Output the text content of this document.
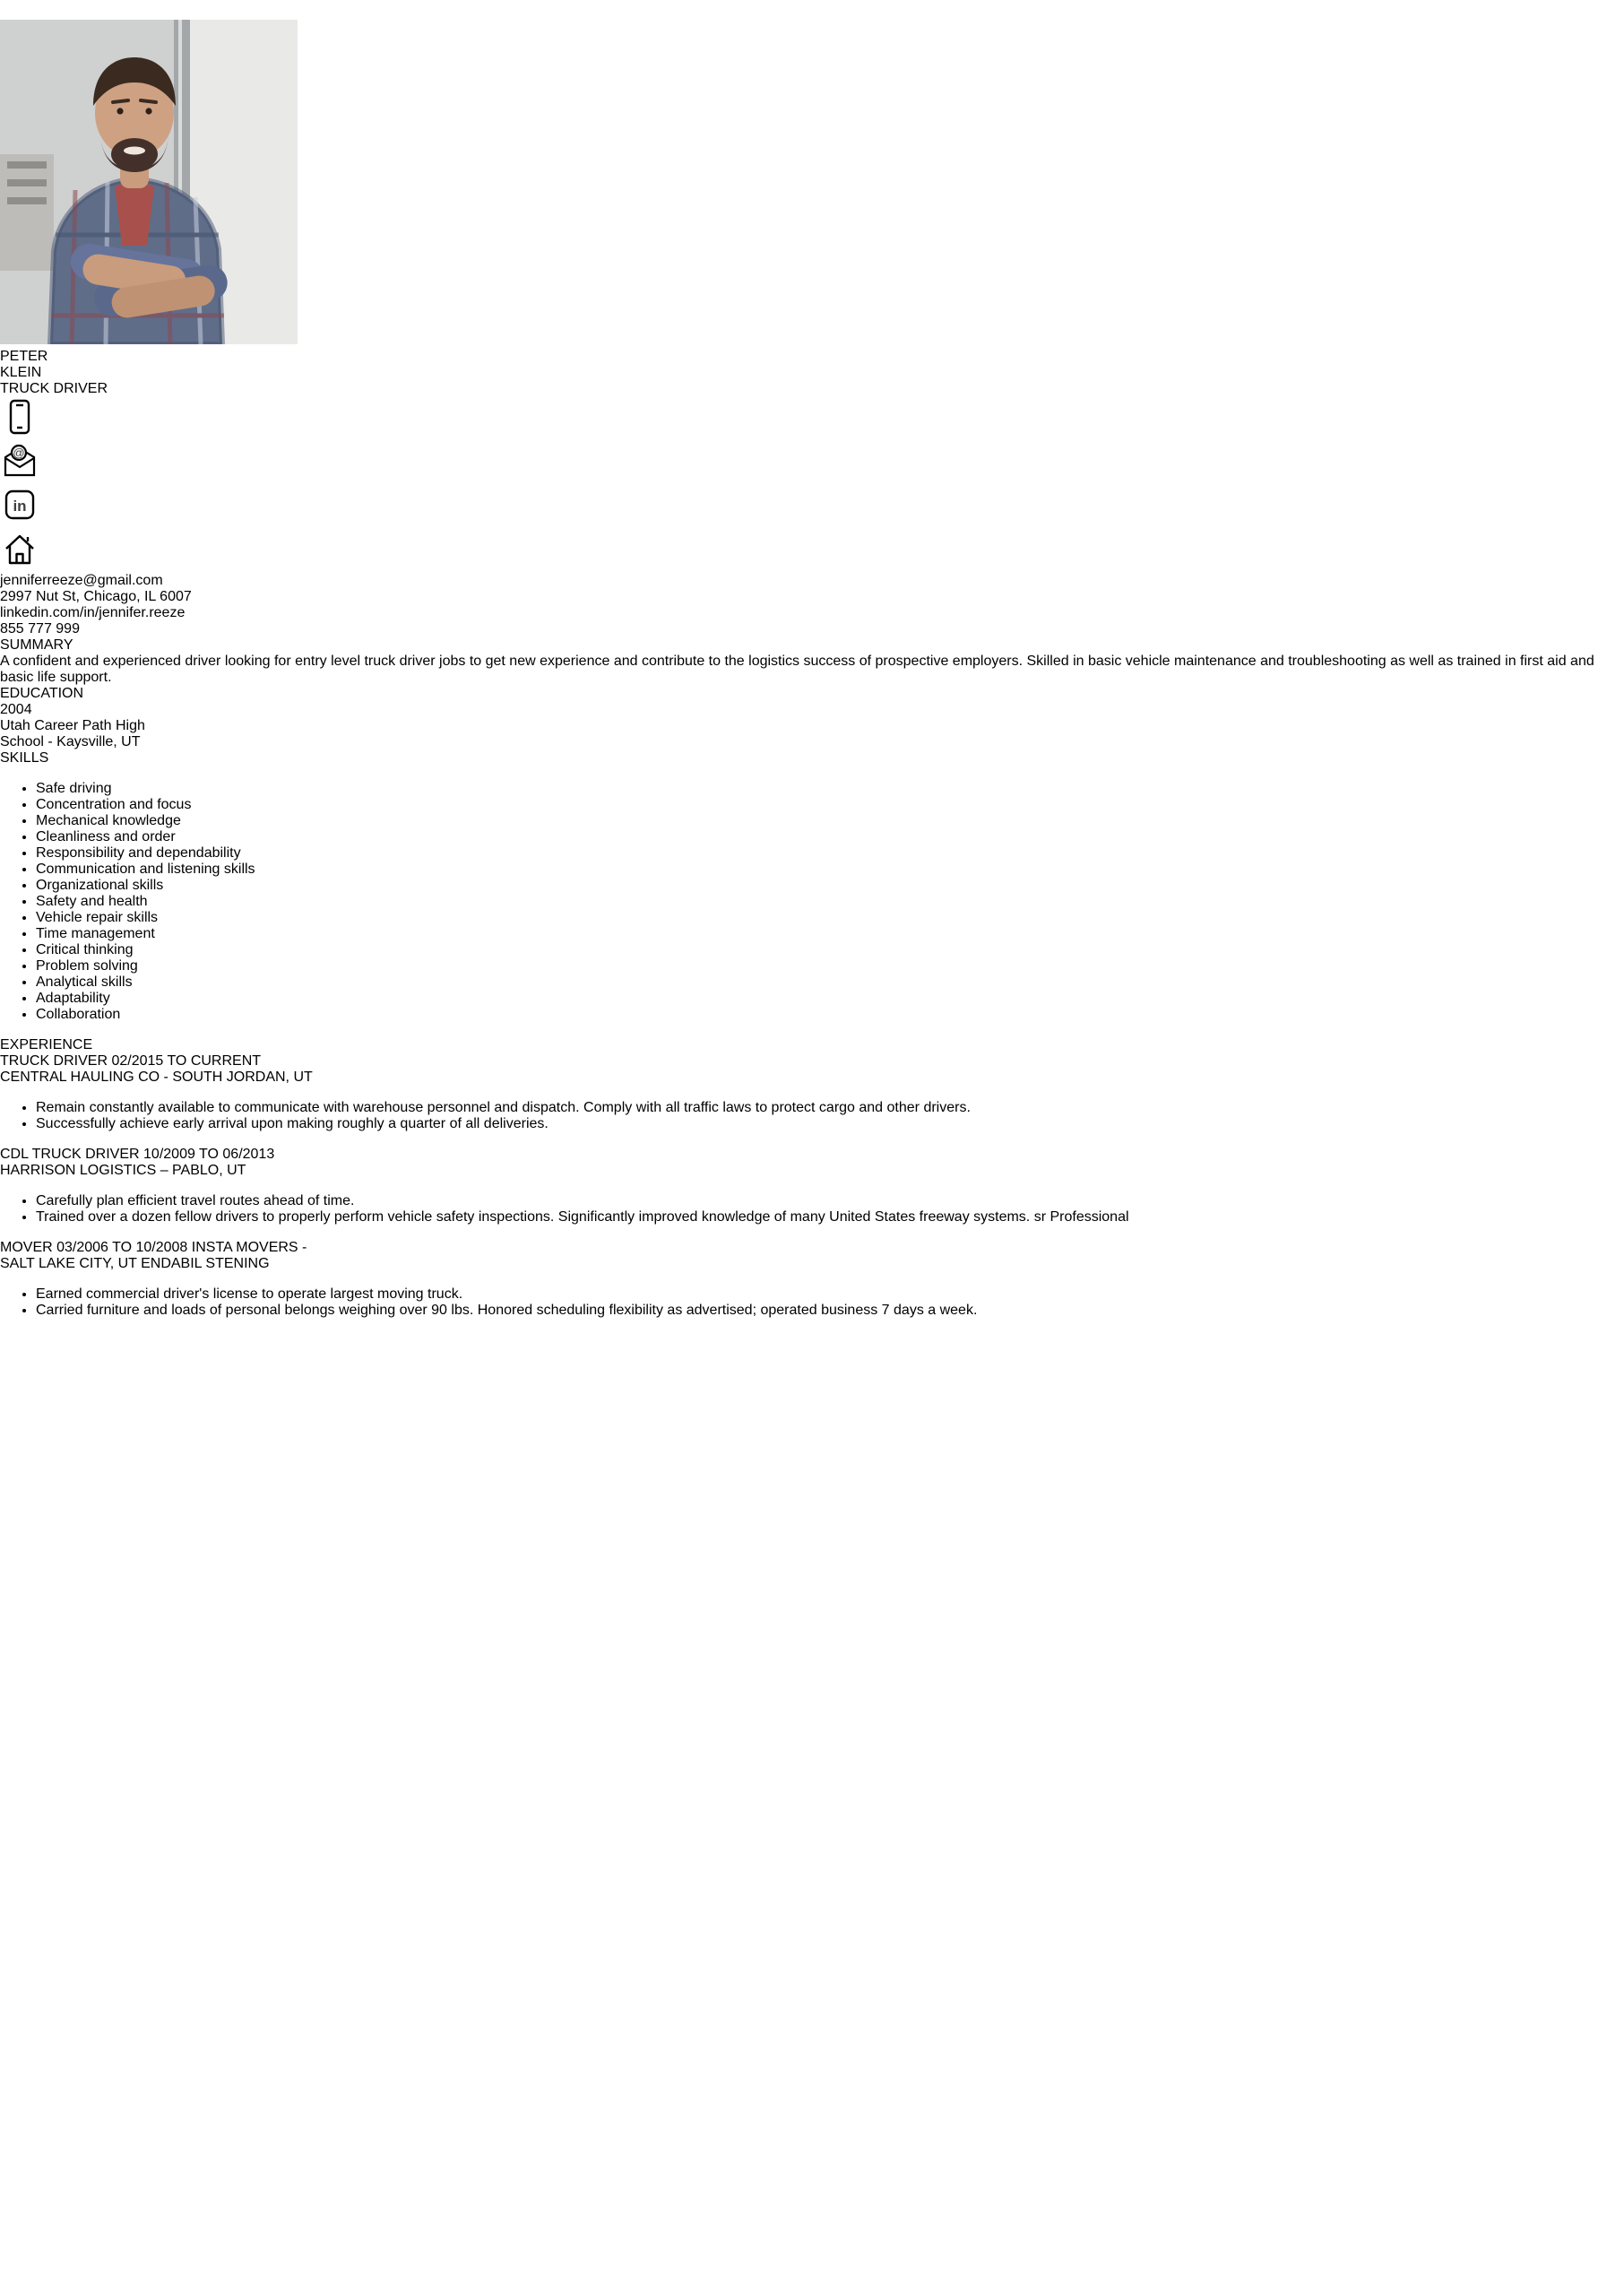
PETER
KLEIN
TRUCK DRIVER
@
in
jenniferreeze@gmail.com
2997 Nut St, Chicago, IL 6007
linkedin.com/in/jennifer.reeze
855 777 999
SUMMARY
A confident and experienced driver looking for entry level truck driver jobs to get new experience and contribute to the logistics success of prospective employers. Skilled in basic vehicle maintenance and troubleshooting as well as trained in first aid and basic life support.
EDUCATION
2004
Utah Career Path High
School - Kaysville, UT
SKILLS
• Safe driving
• Concentration and focus
• Mechanical knowledge
• Cleanliness and order
• Responsibility and dependability
• Communication and listening skills
• Organizational skills
• Safety and health
• Vehicle repair skills
• Time management
• Critical thinking
• Problem solving
• Analytical skills
• Adaptability
• Collaboration
EXPERIENCE
TRUCK DRIVER 02/2015 TO CURRENT
CENTRAL HAULING CO - SOUTH JORDAN, UT
• Remain constantly available to communicate with warehouse personnel and dispatch. Comply with all traffic laws to protect cargo and other drivers.
• Successfully achieve early arrival upon making roughly a quarter of all deliveries.
CDL TRUCK DRIVER 10/2009 TO 06/2013
HARRISON LOGISTICS – PABLO, UT
• Carefully plan efficient travel routes ahead of time.
• Trained over a dozen fellow drivers to properly perform vehicle safety inspections. Significantly improved knowledge of many United States freeway systems. sr Professional
MOVER 03/2006 TO 10/2008 INSTA MOVERS -
SALT LAKE CITY, UT ENDABIL STENING
• Earned commercial driver's license to operate largest moving truck.
• Carried furniture and loads of personal belongs weighing over 90 lbs. Honored scheduling flexibility as advertised; operated business 7 days a week.
